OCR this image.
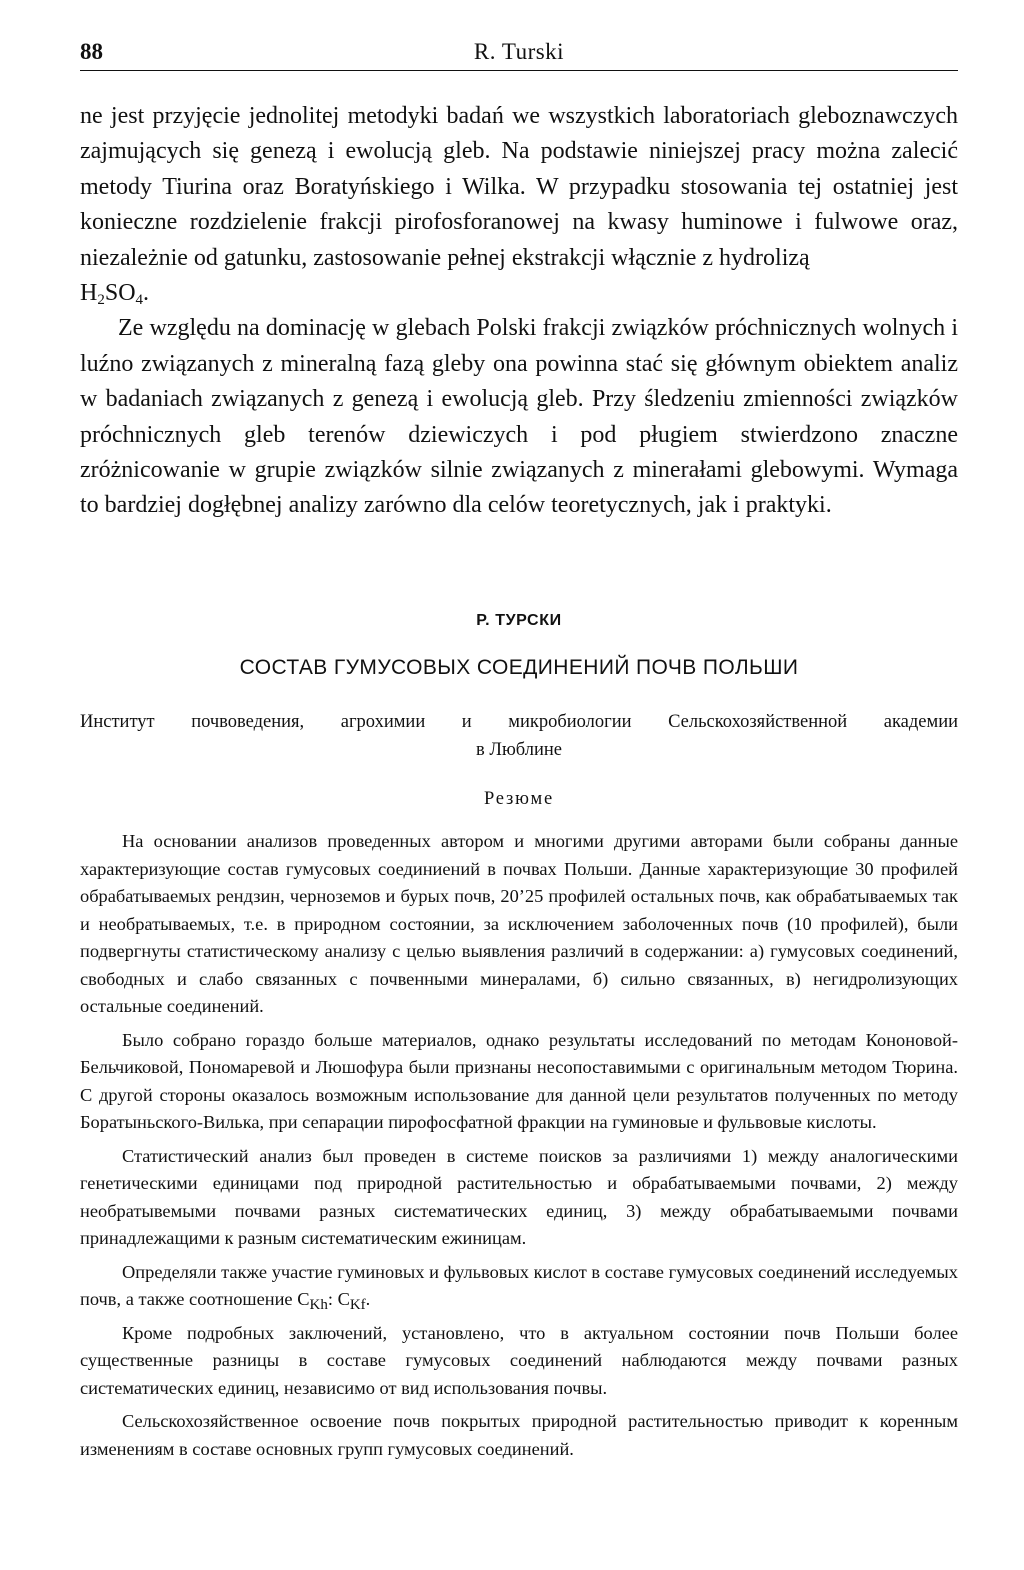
88	R. Turski

ne jest przyjęcie jednolitej metodyki badań we wszystkich laboratoriach gleboznawczych zajmujących się genezą i ewolucją gleb. Na podstawie niniejszej pracy można zalecić metody Tiurina oraz Boratyńskiego i Wilka. W przypadku stosowania tej ostatniej jest konieczne rozdzielenie frakcji pirofosforanowej na kwasy huminowe i fulwowe oraz, niezależnie od gatunku, zastosowanie pełnej ekstrakcji włącznie z hydrolizą
$H_2SO_4$.

Ze względu na dominację w glebach Polski frakcji związków próchnicznych wolnych i luźno związanych z mineralną fazą gleby ona powinna stać się głównym obiektem analiz w badaniach związanych z genezą i ewolucją gleb. Przy śledzeniu zmienności związków próchnicznych gleb terenów dziewiczych i pod pługiem stwierdzono znaczne zróżnicowanie w grupie związków silnie związanych z minerałami glebowymi. Wymaga to bardziej dogłębnej analizy zarówno dla celów teoretycznych, jak i praktyki.

Р. ТУРСКИ
СОСТАВ ГУМУСОВЫХ СОЕДИНЕНИЙ ПОЧВ ПОЛЬШИ
Институт почвоведения, агрохимии и микробиологии Сельскохозяйственной академии
в Люблине
Резюме

На основании анализов проведенных автором и многими другими авторами были собраны данные характеризующие состав гумусовых соединиений в почвах Польши. Данные характеризующие 30 профилей обрабатываемых рендзин, черноземов и бурых почв, 20’25 профилей остальных почв, как обрабатываемых так и необратываемых, т.е. в природном состоянии, за исключением заболоченных почв (10 профилей), были подвергнуты статистическому анализу с целью выявления различий в содержании: а) гумусовых соединений, свободных и слабо связанных с почвенными минералами, б) сильно связанных, в) негидролизующих остальные соединений.

Было собрано гораздо больше материалов, однако результаты исследований по методам Кононовой-Бельчиковой, Пономаревой и Люшофура были признаны несопоставимыми с оригинальным методом Тюрина. С другой стороны оказалось возможным использование для данной цели результатов полученных по методу Боратыньского-Вилька, при сепарации пирофосфатной фракции на гуминовые и фульвовые кислоты.

Статистический анализ был проведен в системе поисков за различиями 1) между аналогическими генетическими единицами под природной растительностью и обрабатываемыми почвами, 2) между необратывемыми почвами разных систематических единиц, 3) между обрабатываемыми почвами принадлежащими к разным систематическим ежиницам.

Определяли также участие гуминовых и фульвовых кислот в составе гумусовых соединений исследуемых почв, а также соотношение $C_{Kh}$: $C_{Kf}$.

Кроме подробных заключений, установлено, что в актуальном состоянии почв Польши более существенные разницы в составе гумусовых соединений наблюдаются между почвами разных систематических единиц, независимо от вид использования почвы.

Сельскохозяйственное освоение почв покрытых природной растительностью приводит к коренным изменениям в составе основных групп гумусовых соединений.
